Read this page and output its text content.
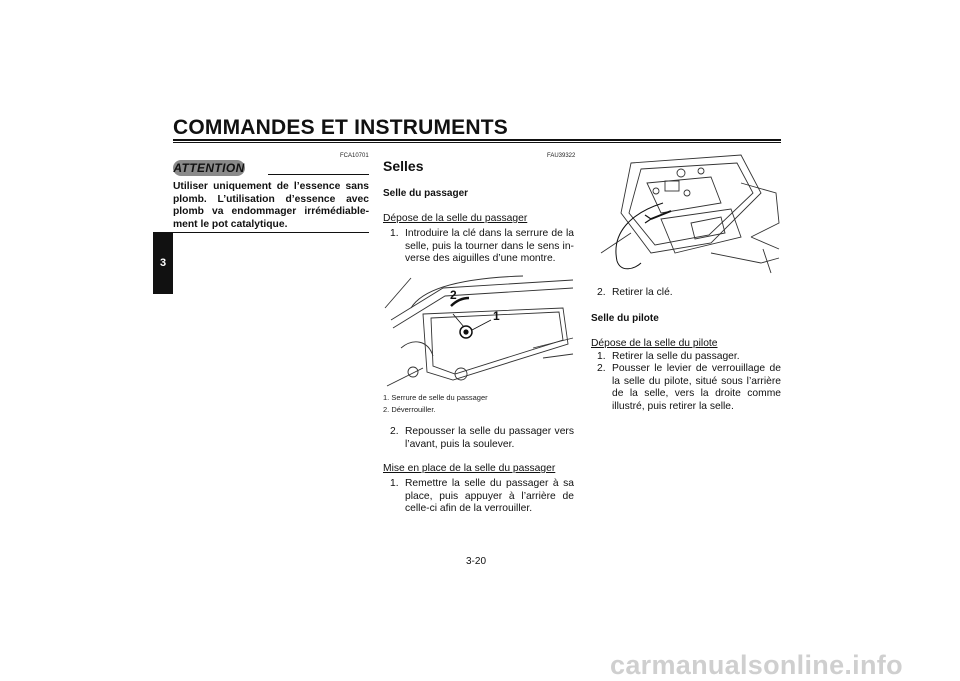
COMMANDES ET INSTRUMENTS
3
FCA10701
ATTENTION
Utiliser uniquement de l’essence sans plomb. L’utilisation d’essence avec plomb va endommager irrémédiable-ment le pot catalytique.
FAU39322
Selles
Selle du passager
Dépose de la selle du passager
1. Introduire la clé dans la serrure de la selle, puis la tourner dans le sens in-verse des aiguilles d’une montre.
2
1
1. Serrure de selle du passager
2. Déverrouiller.
2. Repousser la selle du passager vers l’avant, puis la soulever.
Mise en place de la selle du passager
1. Remettre la selle du passager à sa place, puis appuyer à l’arrière de celle-ci afin de la verrouiller.
2. Retirer la clé.
Selle du pilote
Dépose de la selle du pilote
1. Retirer la selle du passager.
2. Pousser le levier de verrouillage de la selle du pilote, situé sous l’arrière de la selle, vers la droite comme illustré, puis retirer la selle.
3-20
carmanualsonline.info
